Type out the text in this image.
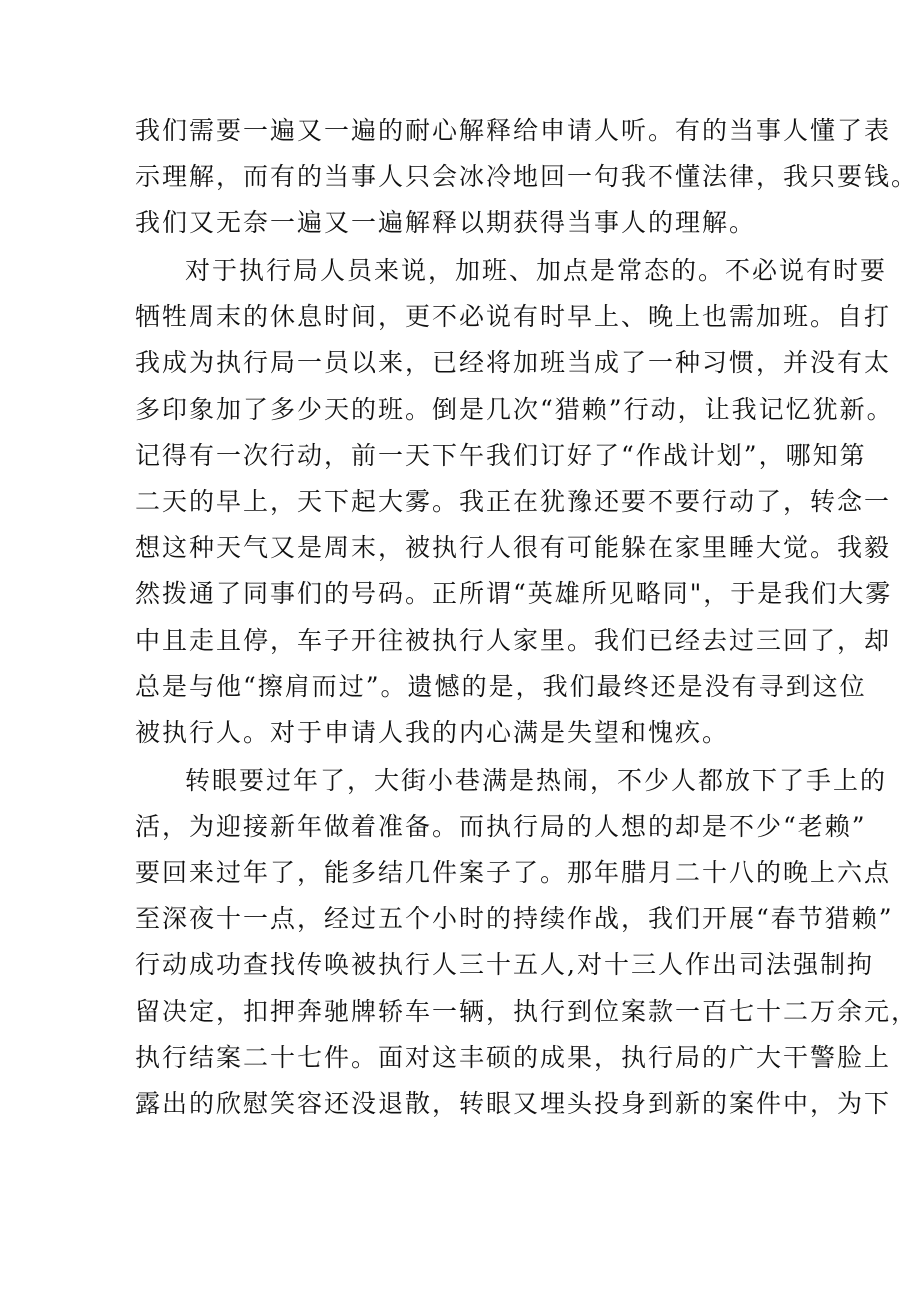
我们需要一遍又一遍的耐心解释给申请人听。有的当事人懂了表
示理解，而有的当事人只会冰冷地回一句我不懂法律，我只要钱。
我们又无奈一遍又一遍解释以期获得当事人的理解。
对于执行局人员来说，加班、加点是常态的。不必说有时要
牺牲周末的休息时间，更不必说有时早上、晚上也需加班。自打
我成为执行局一员以来，已经将加班当成了一种习惯，并没有太
多印象加了多少天的班。倒是几次“猎赖”行动，让我记忆犹新。
记得有一次行动，前一天下午我们订好了“作战计划”，哪知第
二天的早上，天下起大雾。我正在犹豫还要不要行动了，转念一
想这种天气又是周末，被执行人很有可能躲在家里睡大觉。我毅
然拨通了同事们的号码。正所谓“英雄所见略同"，于是我们大雾
中且走且停，车子开往被执行人家里。我们已经去过三回了，却
总是与他“擦肩而过”。遗憾的是，我们最终还是没有寻到这位
被执行人。对于申请人我的内心满是失望和愧疚。
转眼要过年了，大街小巷满是热闹，不少人都放下了手上的
活，为迎接新年做着准备。而执行局的人想的却是不少“老赖”
要回来过年了，能多结几件案子了。那年腊月二十八的晚上六点
至深夜十一点，经过五个小时的持续作战，我们开展“春节猎赖”
行动成功查找传唤被执行人三十五人,对十三人作出司法强制拘
留决定，扣押奔驰牌轿车一辆，执行到位案款一百七十二万余元，
执行结案二十七件。面对这丰硕的成果，执行局的广大干警脸上
露出的欣慰笑容还没退散，转眼又埋头投身到新的案件中，为下
